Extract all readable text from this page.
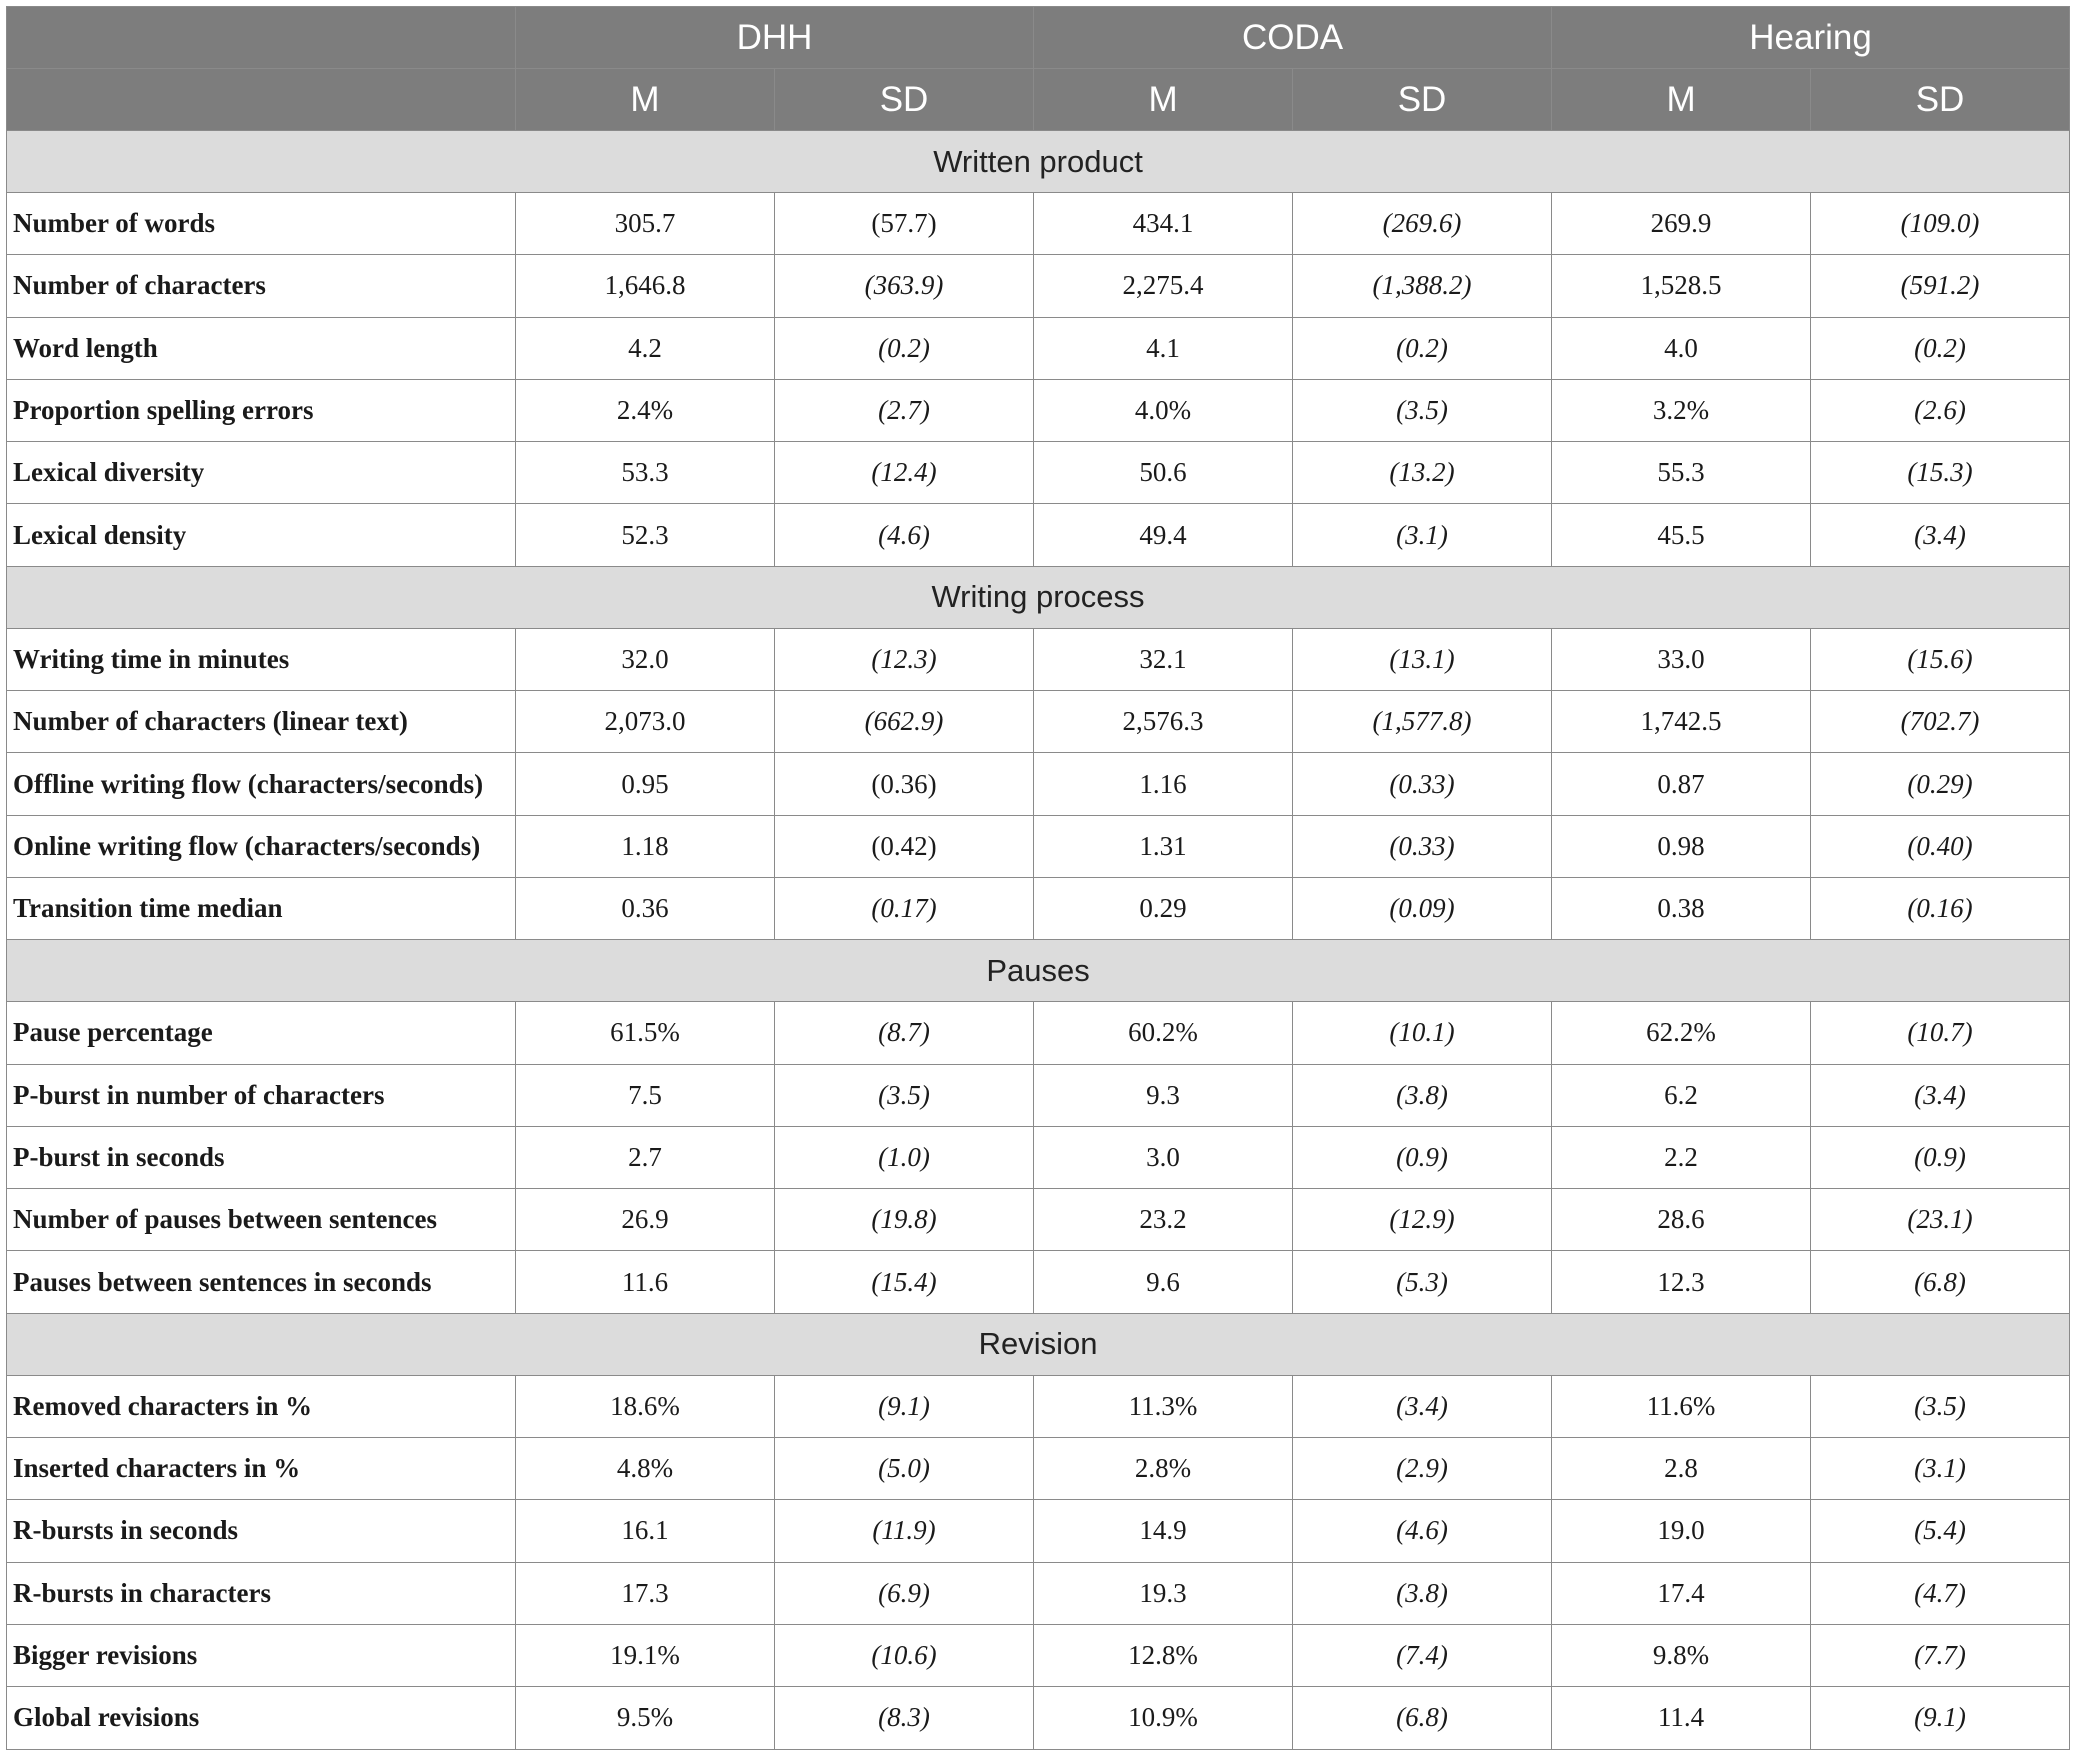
	DHH		CODA		Hearing	
	M	SD	M	SD	M	SD
Written product						
Number of words	305.7	(57.7)	434.1	(269.6)	269.9	(109.0)
Number of characters	1,646.8	(363.9)	2,275.4	(1,388.2)	1,528.5	(591.2)
Word length	4.2	(0.2)	4.1	(0.2)	4.0	(0.2)
Proportion spelling errors	2.4%	(2.7)	4.0%	(3.5)	3.2%	(2.6)
Lexical diversity	53.3	(12.4)	50.6	(13.2)	55.3	(15.3)
Lexical density	52.3	(4.6)	49.4	(3.1)	45.5	(3.4)
Writing process						
Writing time in minutes	32.0	(12.3)	32.1	(13.1)	33.0	(15.6)
Number of characters (linear text)	2,073.0	(662.9)	2,576.3	(1,577.8)	1,742.5	(702.7)
Offline writing flow (characters/seconds)	0.95	(0.36)	1.16	(0.33)	0.87	(0.29)
Online writing flow (characters/seconds)	1.18	(0.42)	1.31	(0.33)	0.98	(0.40)
Transition time median	0.36	(0.17)	0.29	(0.09)	0.38	(0.16)
Pauses						
Pause percentage	61.5%	(8.7)	60.2%	(10.1)	62.2%	(10.7)
P-burst in number of characters	7.5	(3.5)	9.3	(3.8)	6.2	(3.4)
P-burst in seconds	2.7	(1.0)	3.0	(0.9)	2.2	(0.9)
Number of pauses between sentences	26.9	(19.8)	23.2	(12.9)	28.6	(23.1)
Pauses between sentences in seconds	11.6	(15.4)	9.6	(5.3)	12.3	(6.8)
Revision						
Removed characters in %	18.6%	(9.1)	11.3%	(3.4)	11.6%	(3.5)
Inserted characters in %	4.8%	(5.0)	2.8%	(2.9)	2.8	(3.1)
R-bursts in seconds	16.1	(11.9)	14.9	(4.6)	19.0	(5.4)
R-bursts in characters	17.3	(6.9)	19.3	(3.8)	17.4	(4.7)
Bigger revisions	19.1%	(10.6)	12.8%	(7.4)	9.8%	(7.7)
Global revisions	9.5%	(8.3)	10.9%	(6.8)	11.4	(9.1)
